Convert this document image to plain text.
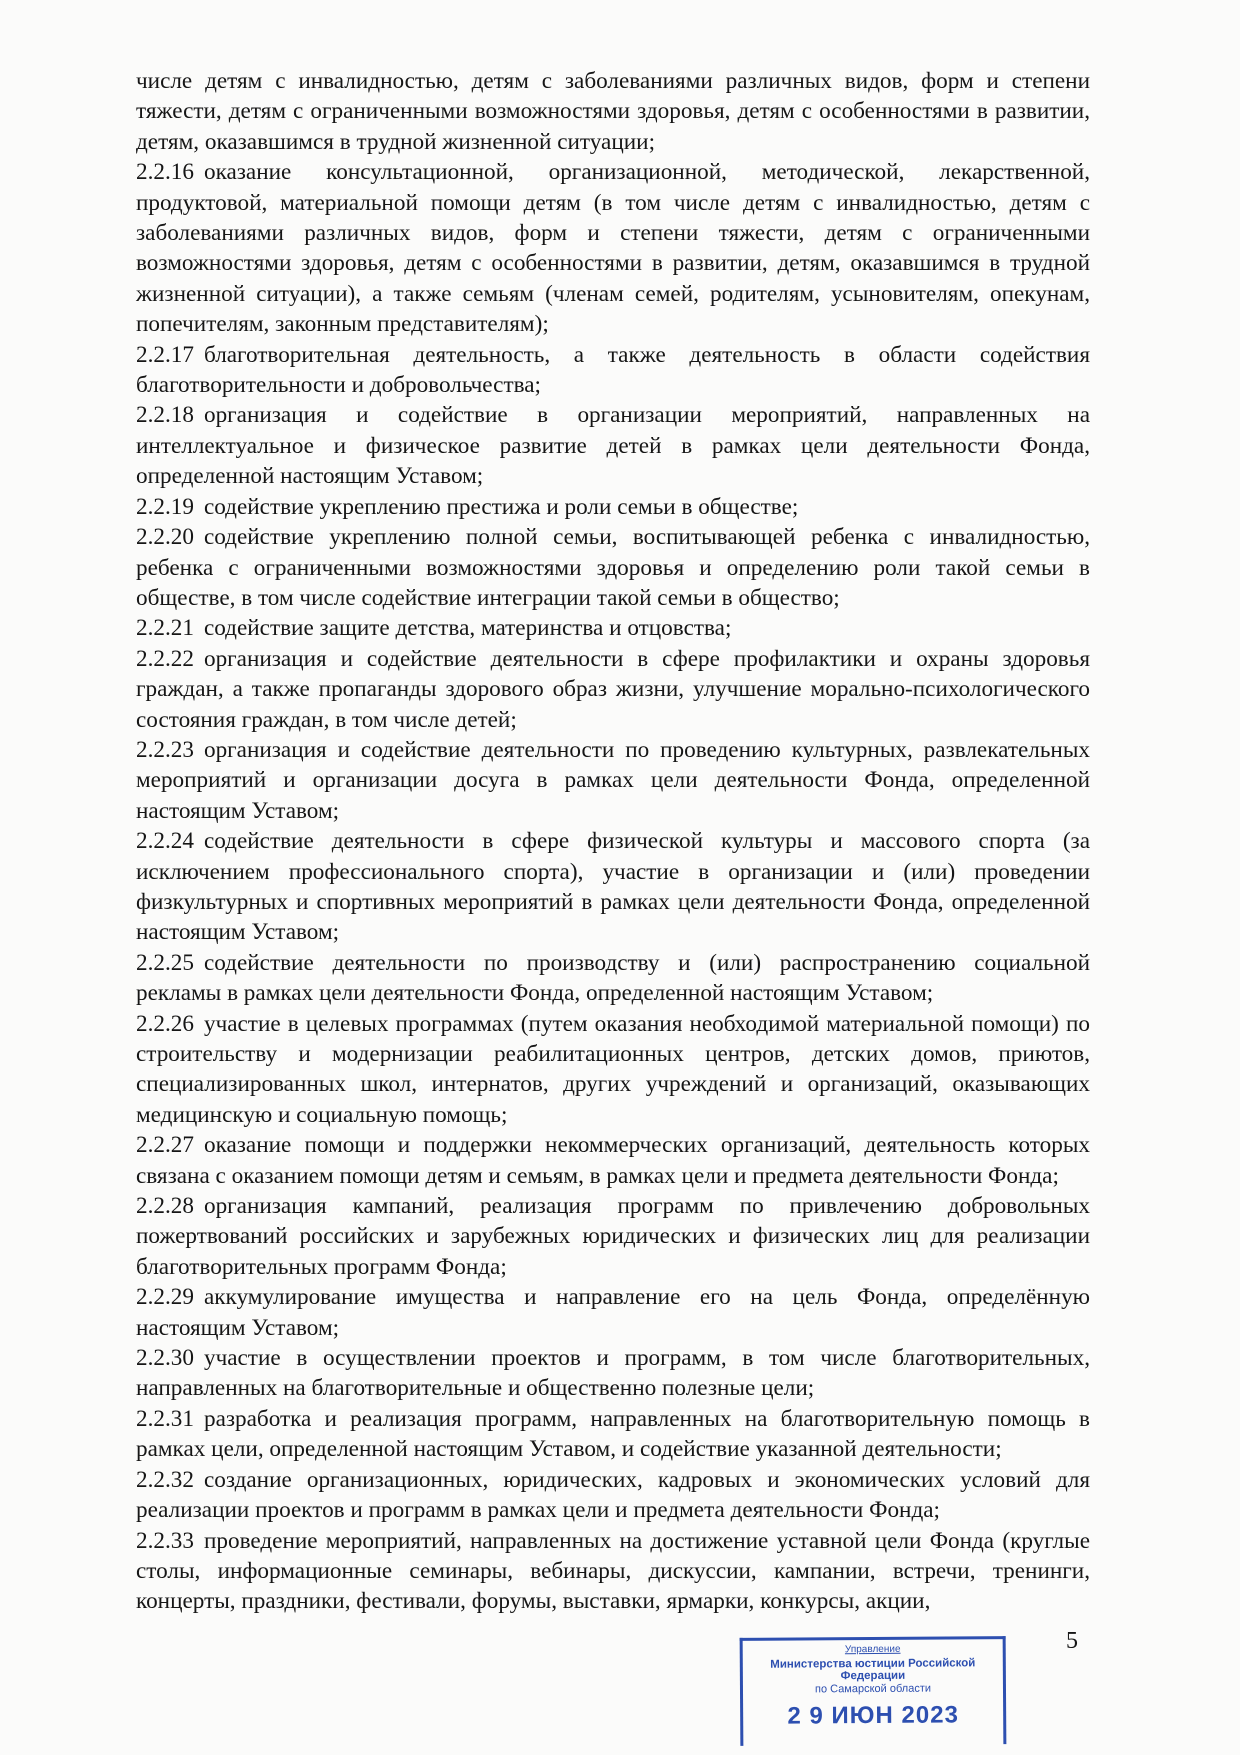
числе детям с инвалидностью, детям с заболеваниями различных видов, форм и степени тяжести, детям с ограниченными возможностями здоровья, детям с особенностями в развитии, детям, оказавшимся в трудной жизненной ситуации;
2.2.16 оказание консультационной, организационной, методической, лекарственной, продуктовой, материальной помощи детям (в том числе детям с инвалидностью, детям с заболеваниями различных видов, форм и степени тяжести, детям с ограниченными возможностями здоровья, детям с особенностями в развитии, детям, оказавшимся в трудной жизненной ситуации), а также семьям (членам семей, родителям, усыновителям, опекунам, попечителям, законным представителям);
2.2.17 благотворительная деятельность, а также деятельность в области содействия благотворительности и добровольчества;
2.2.18 организация и содействие в организации мероприятий, направленных на интеллектуальное и физическое развитие детей в рамках цели деятельности Фонда, определенной настоящим Уставом;
2.2.19 содействие укреплению престижа и роли семьи в обществе;
2.2.20 содействие укреплению полной семьи, воспитывающей ребенка с инвалидностью, ребенка с ограниченными возможностями здоровья и определению роли такой семьи в обществе, в том числе содействие интеграции такой семьи в общество;
2.2.21 содействие защите детства, материнства и отцовства;
2.2.22 организация и содействие деятельности в сфере профилактики и охраны здоровья граждан, а также пропаганды здорового образ жизни, улучшение морально-психологического состояния граждан, в том числе детей;
2.2.23 организация и содействие деятельности по проведению культурных, развлекательных мероприятий и организации досуга в рамках цели деятельности Фонда, определенной настоящим Уставом;
2.2.24 содействие деятельности в сфере физической культуры и массового спорта (за исключением профессионального спорта), участие в организации и (или) проведении физкультурных и спортивных мероприятий в рамках цели деятельности Фонда, определенной настоящим Уставом;
2.2.25 содействие деятельности по производству и (или) распространению социальной рекламы в рамках цели деятельности Фонда, определенной настоящим Уставом;
2.2.26 участие в целевых программах (путем оказания необходимой материальной помощи) по строительству и модернизации реабилитационных центров, детских домов, приютов, специализированных школ, интернатов, других учреждений и организаций, оказывающих медицинскую и социальную помощь;
2.2.27 оказание помощи и поддержки некоммерческих организаций, деятельность которых связана с оказанием помощи детям и семьям, в рамках цели и предмета деятельности Фонда;
2.2.28 организация кампаний, реализация программ по привлечению добровольных пожертвований российских и зарубежных юридических и физических лиц для реализации благотворительных программ Фонда;
2.2.29 аккумулирование имущества и направление его на цель Фонда, определённую настоящим Уставом;
2.2.30 участие в осуществлении проектов и программ, в том числе благотворительных, направленных на благотворительные и общественно полезные цели;
2.2.31 разработка и реализация программ, направленных на благотворительную помощь в рамках цели, определенной настоящим Уставом, и содействие указанной деятельности;
2.2.32 создание организационных, юридических, кадровых и экономических условий для реализации проектов и программ в рамках цели и предмета деятельности Фонда;
2.2.33 проведение мероприятий, направленных на достижение уставной цели Фонда (круглые столы, информационные семинары, вебинары, дискуссии, кампании, встречи, тренинги, концерты, праздники, фестивали, форумы, выставки, ярмарки, конкурсы, акции,
5
Управление
Министерства юстиции Российской Федерации
по Самарской области
2 9 ИЮН 2023
